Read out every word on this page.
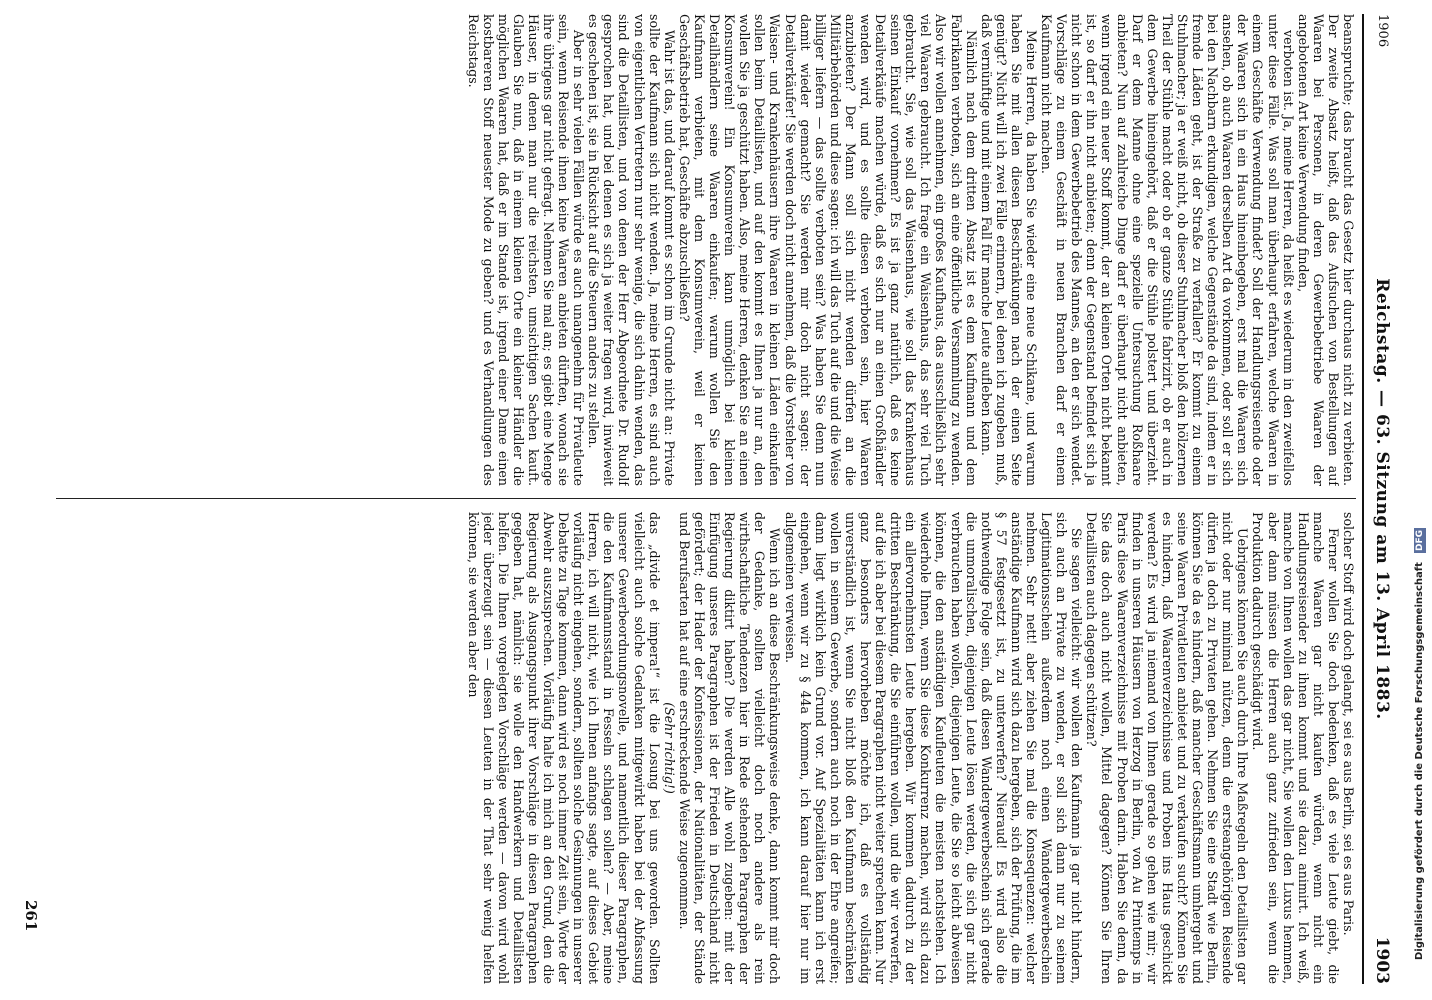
1906
Reichstag. — 63. Sitzung am 13. April 1883.
1903

beanspruchte; das braucht das Gesetz hier durchaus nicht zu verbieten. Der zweite Absatz heißt, daß das Aufsuchen von Bestellungen auf Waaren bei Personen, in deren Gewerbebetriebe Waaren der angebotenen Art keine Verwendung finden,

verboten ist. Ja, meine Herren, da heißt es wiederum in den zweifellos unter diese Fälle. Was soll man überhaupt erfahren, welche Waaren in einem Geschäfte Verwendung findet? Soll der Handlungsreisende oder der Waaren sich in ein Haus hineinbegeben, erst mal die Waaren sich ansehen, ob auch Waaren derselben Art da vorkommen, oder soll er sich bei den Nachbarn erkundigen, welche Gegenstände da sind, indem er in fremde Läden geht, ist der Straße zu verfallen? Er kommt zu einem Stuhlmacher; ja er weiß nicht, ob dieser Stuhlmacher bloß den hölzernen Theil der Stühle macht oder ob er ganze Stühle fabrizirt, ob er auch in dem Gewerbe hineingehört, daß er die Stühle polstert und überzieht. Darf er dem Manne ohne eine spezielle Untersuchung Roßhaare anbieten? Nun auf zahlreiche Dinge darf er überhaupt nicht anbieten, wenn irgend ein neuer Stoff kommt, der an kleinen Orten nicht bekannt ist, so darf er ihn nicht anbieten; denn der Gegenstand befindet sich ja nicht schon in dem Gewerbebetrieb des Mannes, an den er sich wendet. Vorschläge zu einem Geschäft in neuen Branchen darf er einem Kaufmann nicht machen.

Meine Herren, da haben Sie wieder eine neue Schikane, und warum haben Sie mit allen diesen Beschränkungen nach der einen Seite genügt? Nicht will ich zwei Fälle erinnern, bei denen ich zugeben muß, daß vernünftige und mit einem Fall für manche Leute aufleben kann.

Nämlich nach dem dritten Absatz ist es dem Kaufmann und dem Fabrikanten verboten, sich an eine öffentliche Versammlung zu wenden. Also wir wollen annehmen, ein großes Kaufhaus, das ausschließlich sehr viel Waaren gebraucht. Ich frage ein Waisenhaus, das sehr viel Tuch gebraucht. Sie, wie soll das Waisenhaus, wie soll das Krankenhaus seinen Einkauf vornehmen? Es ist ja ganz natürlich, daß es keine Detailverkäufe machen würde, daß es sich nur an einen Großhändler wenden wird, und es sollte diesen verboten sein, hier Waaren anzubieten? Der Mann soll sich nicht wenden dürfen an die Militärbehörden und diese sagen: ich will das Tuch auf die und die Weise billiger liefern — das sollte verboten sein? Was haben Sie denn nun damit wieder gemacht? Sie werden mir doch nicht sagen: der Detailverkäufer! Sie werden doch nicht annehmen, daß die Vorsteher von Waisen- und Krankenhäusern ihre Waaren in kleinen Läden einkaufen sollen beim Detaillisten, und auf den kommt es Ihnen ja nur an, den wollen Sie ja geschützt haben. Also, meine Herren, denken Sie an einen Konsumverein! Ein Konsumverein kann unmöglich bei kleinen Detailhändlern seine Waaren einkaufen; warum wollen Sie den Kaufmann verbieten, mit dem Konsumverein, weil er keinen Geschäftsbetrieb hat, Geschäfte abzuschließen?

Wahr ist das, und darauf kommt es schon im Grunde nicht an: Private sollte der Kaufmann sich nicht wenden. Ja, meine Herren, es sind auch von eigentlichen Vertretern nur sehr wenige, die sich dahin wenden, das sind die Detaillisten, und von denen der Herr Abgeordnete Dr. Rudolf gesprochen hat, und bei denen es sich ja weiter fragen wird, inwieweit es geschehen ist, sie in Rücksicht auf die Steuern anders zu stellen.

Aber in sehr vielen Fällen würde es auch unangenehm für Privatleute sein, wenn Reisende ihnen keine Waaren anbieten dürften, wonach sie ihre übrigens gar nicht gefragt. Nehmen Sie mal an; es giebt eine Menge Häuser, in denen man nur die reichsten, umsichtigen Sachen kauft. Glauben Sie nun, daß in einem kleinen Orte ein kleiner Händler die möglichen Waaren hat, daß er im Stande ist, irgend einer Dame einen kostbareren Stoff neuester Mode zu geben? und es Verhandlungen des Reichstags.

solcher Stoff wird doch gelangt, sei es aus Berlin, sei es aus Paris.

Ferner wollen Sie doch bedenken, daß es viele Leute giebt, die manche Waaren gar nicht kaufen würden, wenn nicht ein Handlungsreisender zu ihnen kommt und sie dazu animirt. Ich weiß, manche von Ihnen wollen das gar nicht, Sie wollen den Luxus hemmen, aber dann müssen die Herren auch ganz zufrieden sein, wenn die Produktion dadurch geschädigt wird.

Uebrigens können Sie auch durch Ihre Maßregeln den Detaillisten gar nicht oder nur minimal nützen, denn die ersteangehörigen Reisende dürfen ja doch zu Privaten gehen. Nehmen Sie eine Stadt wie Berlin, können Sie da es hindern, daß mancher Geschäftsmann umhergeht und seine Waaren Privatleuten anbietet und zu verkaufen sucht? Können Sie es hindern, daß Waarenverzeichnisse und Proben ins Haus geschickt werden? Es wird ja niemand von Ihnen gerade so gehen wie mir; wir finden in unseren Häusern von Herzog in Berlin, von Au Printemps in Paris diese Waarenverzeichnisse mit Proben darin. Haben Sie denn, da Sie das doch auch nicht wollen, Mittel dagegen? Können Sie Ihren Detaillisten auch dagegen schützen?

Sie sagen vielleicht: wir wollen den Kaufmann ja gar nicht hindern, sich auch an Private zu wenden, er soll sich dann nur zu seinem Legitimationsschein außerdem noch einen Wandergewerbeschein nehmen. Sehr nett! aber ziehen Sie mal die Konsequenzen: welcher anständige Kaufmann wird sich dazu hergeben, sich der Prüfung, die im § 57 festgesetzt ist, zu unterwerfen? Nieraud! Es wird also die nothwendige Folge sein, daß diesen Wandergewerbeschein sich gerade die unmoralischen, diejenigen Leute lösen werden, die sich gar nicht verbrauchen haben wollen, diejenigen Leute, die Sie so leicht abweisen können, die den anständigen Kaufleuten die meisten nachstehen. Ich wiederhole Ihnen, wenn Sie diese Konkurrenz machen, wird sich dazu ein allervornehmsten Leute hergeben. Wir kommen dadurch zu der dritten Beschränkung, die Sie einführen wollen, und die wir verwerfen, auf die ich aber bei diesem Paragraphen nicht weiter sprechen kann. Nur ganz besonders hervorheben möchte ich, daß es vollständig unverständlich ist, wenn Sie nicht bloß den Kaufmann beschränken wollen in seinem Gewerbe, sondern auch noch in der Ehre angreifen; dann liegt wirklich kein Grund vor. Auf Spezialitäten kann ich erst eingehen, wenn wir zu § 44a kommen, ich kann darauf hier nur im allgemeinen verweisen.

Wenn ich an diese Beschränkungsweise denke, dann kommt mir doch der Gedanke, sollten vielleicht doch noch andere als rein wirthschaftliche Tendenzen hier in Rede stehenden Paragraphen der Regierung diktirt haben? Die werden Alle wohl zugeben: mit der Einfügung unseres Paragraphen ist der Frieden in Deutschland nicht gefördert; der Hader der Konfessionen, der Nationalitäten, der Stände und Berufsarten hat auf eine erschreckende Weise zugenommen.

(Sehr richtig!)

das „divide et impera!“ ist die Losung bei uns geworden. Sollten vielleicht auch solche Gedanken mitgewirkt haben bei der Abfassung unserer Gewerbeordnungsnovelle, und namentlich dieser Paragraphen, die den Kaufmannsstand in Fesseln schlagen sollen? — Aber, meine Herren, ich will nicht, wie ich Ihnen anfangs sagte, auf dieses Gebiet vorläufig nicht eingehen, sondern, sollten solche Gesinnungen in unserer Debatte zu Tage kommen, dann wird es noch immer Zeit sein, Worte der Abwehr auszusprechen. Vorläufig halte ich mich an den Grund, den die Regierung als Ausgangspunkt ihrer Vorschläge in diesen Paragraphen gegeben hat, nämlich: sie wolle den Handwerkern und Detaillisten helfen. Die Ihnen vorgelegten Vorschläge werden — davon wird wohl jeder überzeugt sein — diesen Leuten in der That sehr wenig helfen können, sie werden aber den

261	Digitalisierung gefördert durch die Deutsche Forschungsgemeinschaft DFG
